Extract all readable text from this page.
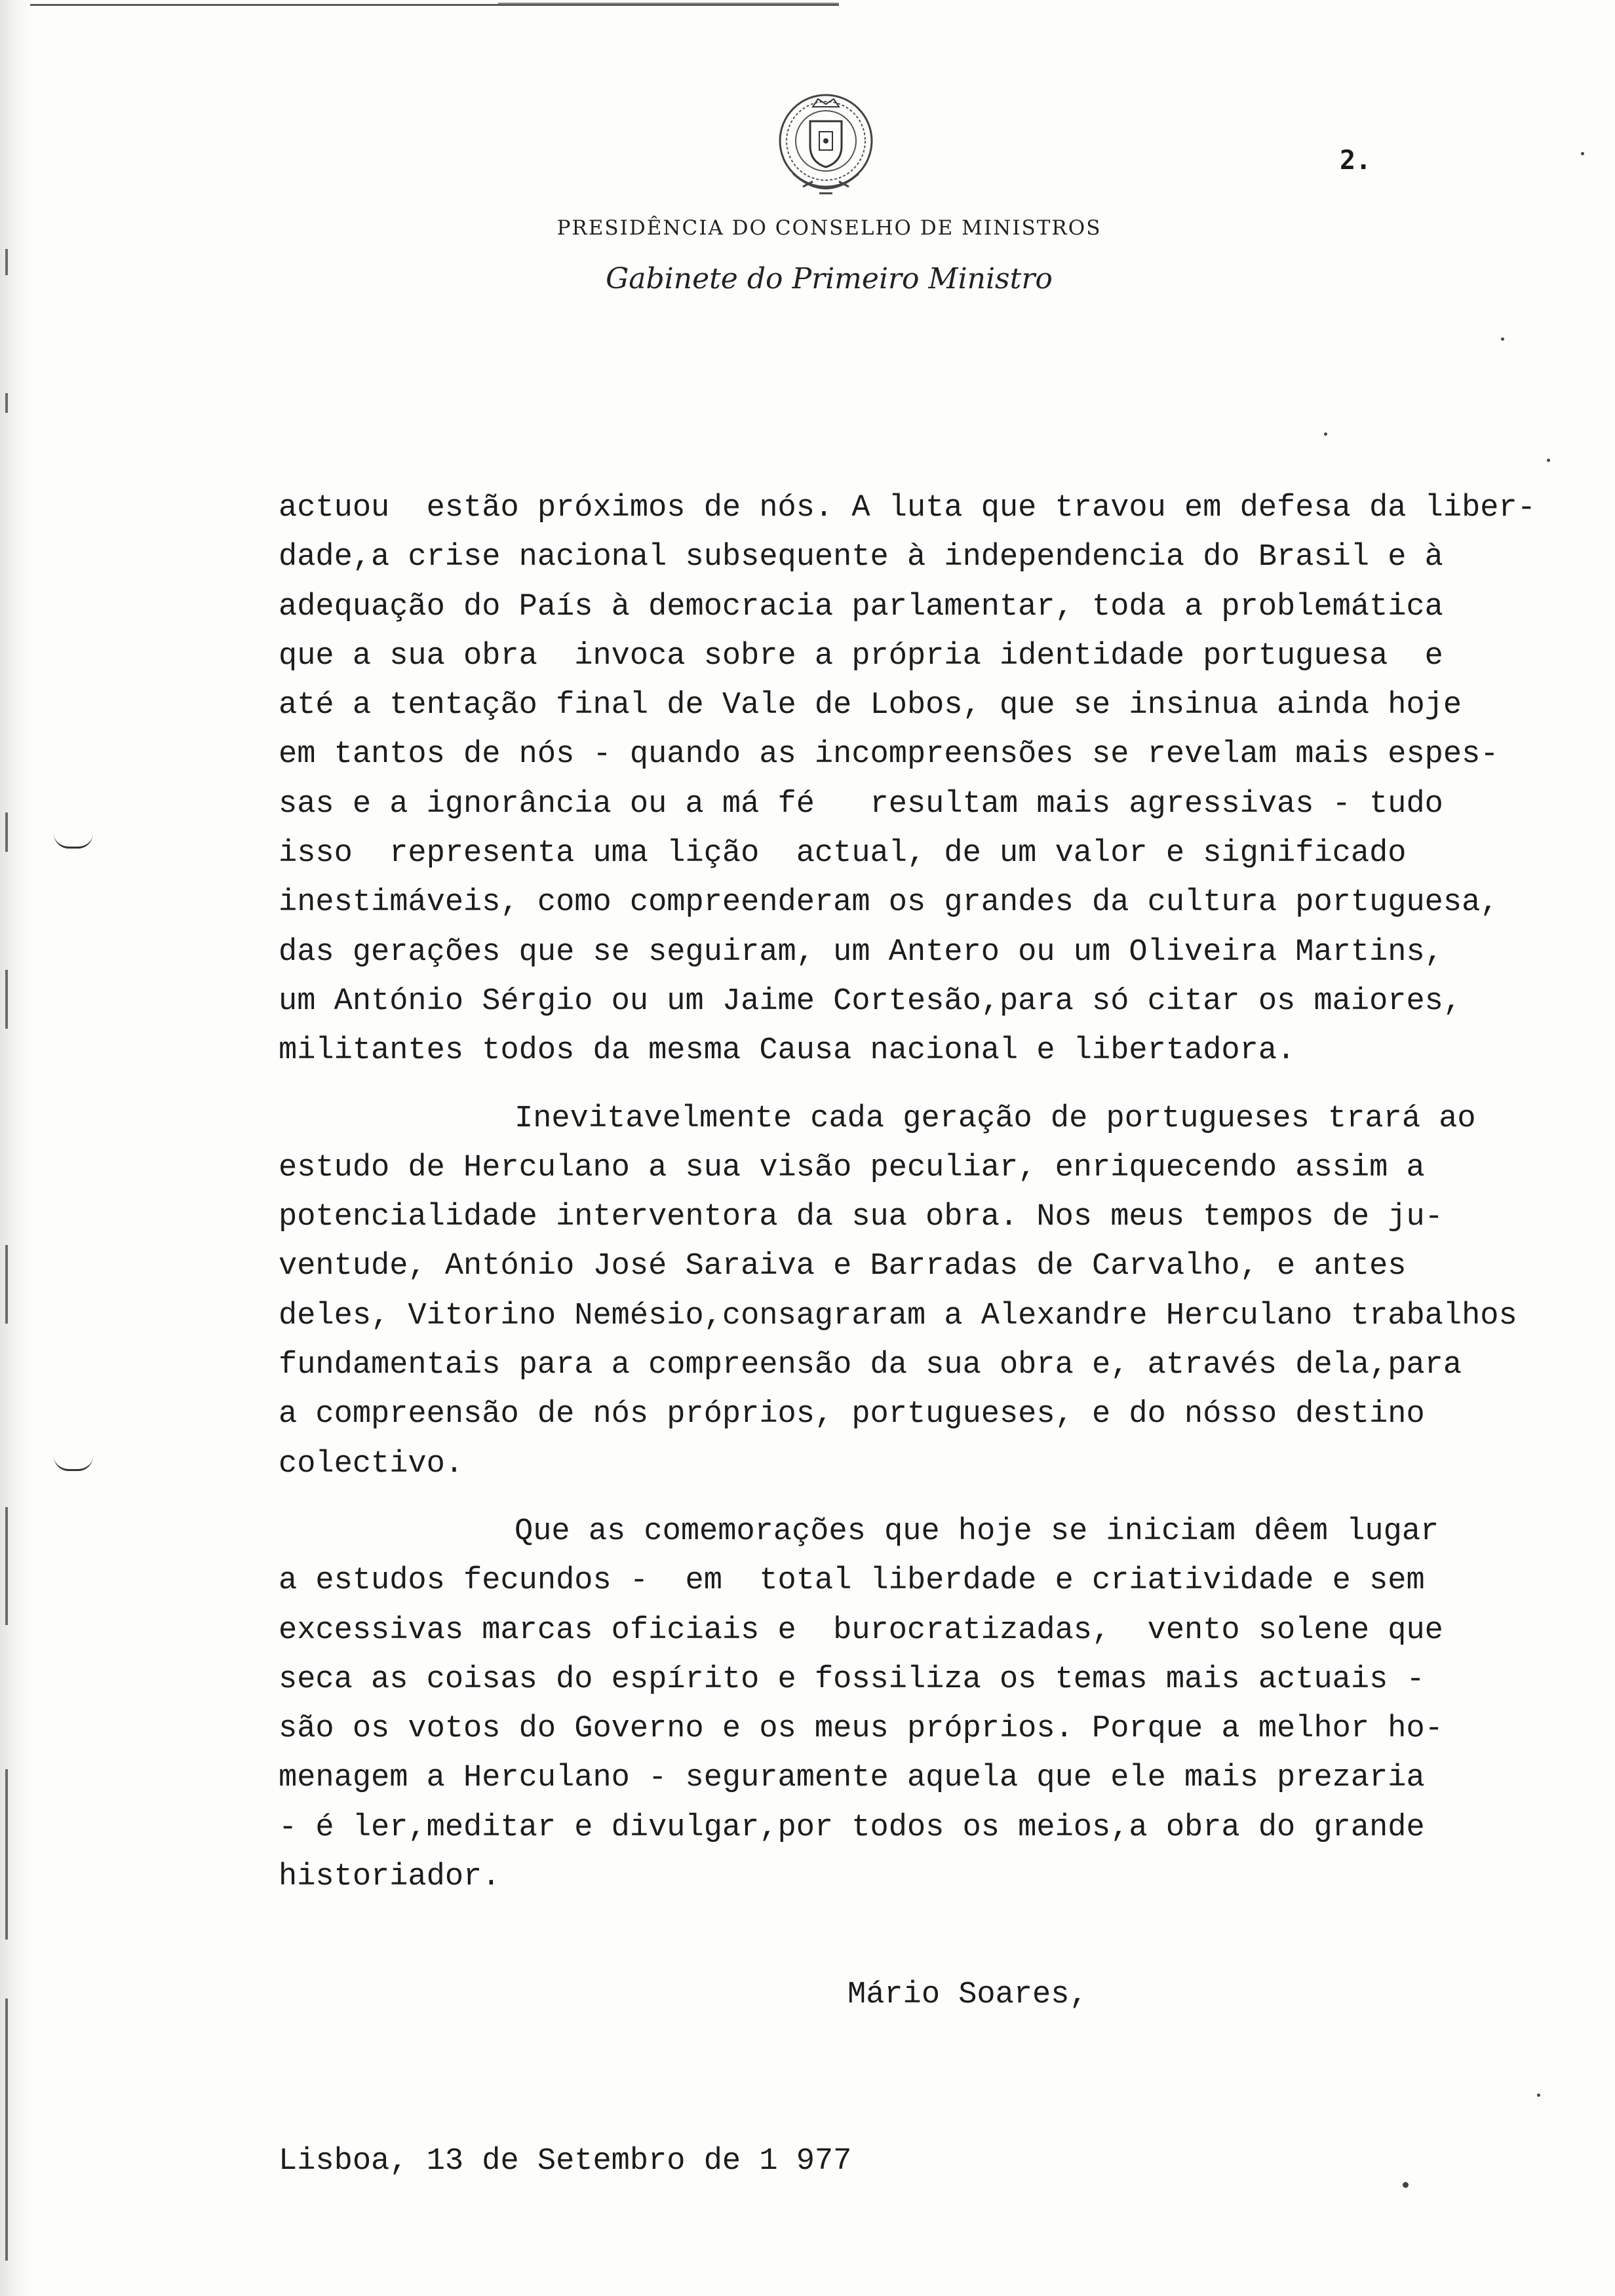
2.
PRESIDÊNCIA DO CONSELHO DE MINISTROS
Gabinete do Primeiro Ministro

actuou  estão próximos de nós. A luta que travou em defesa da liber-
dade,a crise nacional subsequente à independencia do Brasil e à
adequação do País à democracia parlamentar, toda a problemática
que a sua obra  invoca sobre a própria identidade portuguesa  e
até a tentação final de Vale de Lobos, que se insinua ainda hoje
em tantos de nós - quando as incompreensões se revelam mais espes-
sas e a ignorância ou a má fé   resultam mais agressivas - tudo
isso  representa uma lição  actual, de um valor e significado
inestimáveis, como compreenderam os grandes da cultura portuguesa,
das gerações que se seguiram, um Antero ou um Oliveira Martins,
um António Sérgio ou um Jaime Cortesão,para só citar os maiores,
militantes todos da mesma Causa nacional e libertadora.

Inevitavelmente cada geração de portugueses trará ao
estudo de Herculano a sua visão peculiar, enriquecendo assim a
potencialidade interventora da sua obra. Nos meus tempos de ju-
ventude, António José Saraiva e Barradas de Carvalho, e antes
deles, Vitorino Nemésio,consagraram a Alexandre Herculano trabalhos
fundamentais para a compreensão da sua obra e, através dela,para
a compreensão de nós próprios, portugueses, e do nósso destino
colectivo.

Que as comemorações que hoje se iniciam dêem lugar
a estudos fecundos -  em  total liberdade e criatividade e sem
excessivas marcas oficiais e  burocratizadas,  vento solene que
seca as coisas do espírito e fossiliza os temas mais actuais -
são os votos do Governo e os meus próprios. Porque a melhor ho-
menagem a Herculano - seguramente aquela que ele mais prezaria
- é ler,meditar e divulgar,por todos os meios,a obra do grande
historiador.

Mário Soares,
Lisboa, 13 de Setembro de 1 977
